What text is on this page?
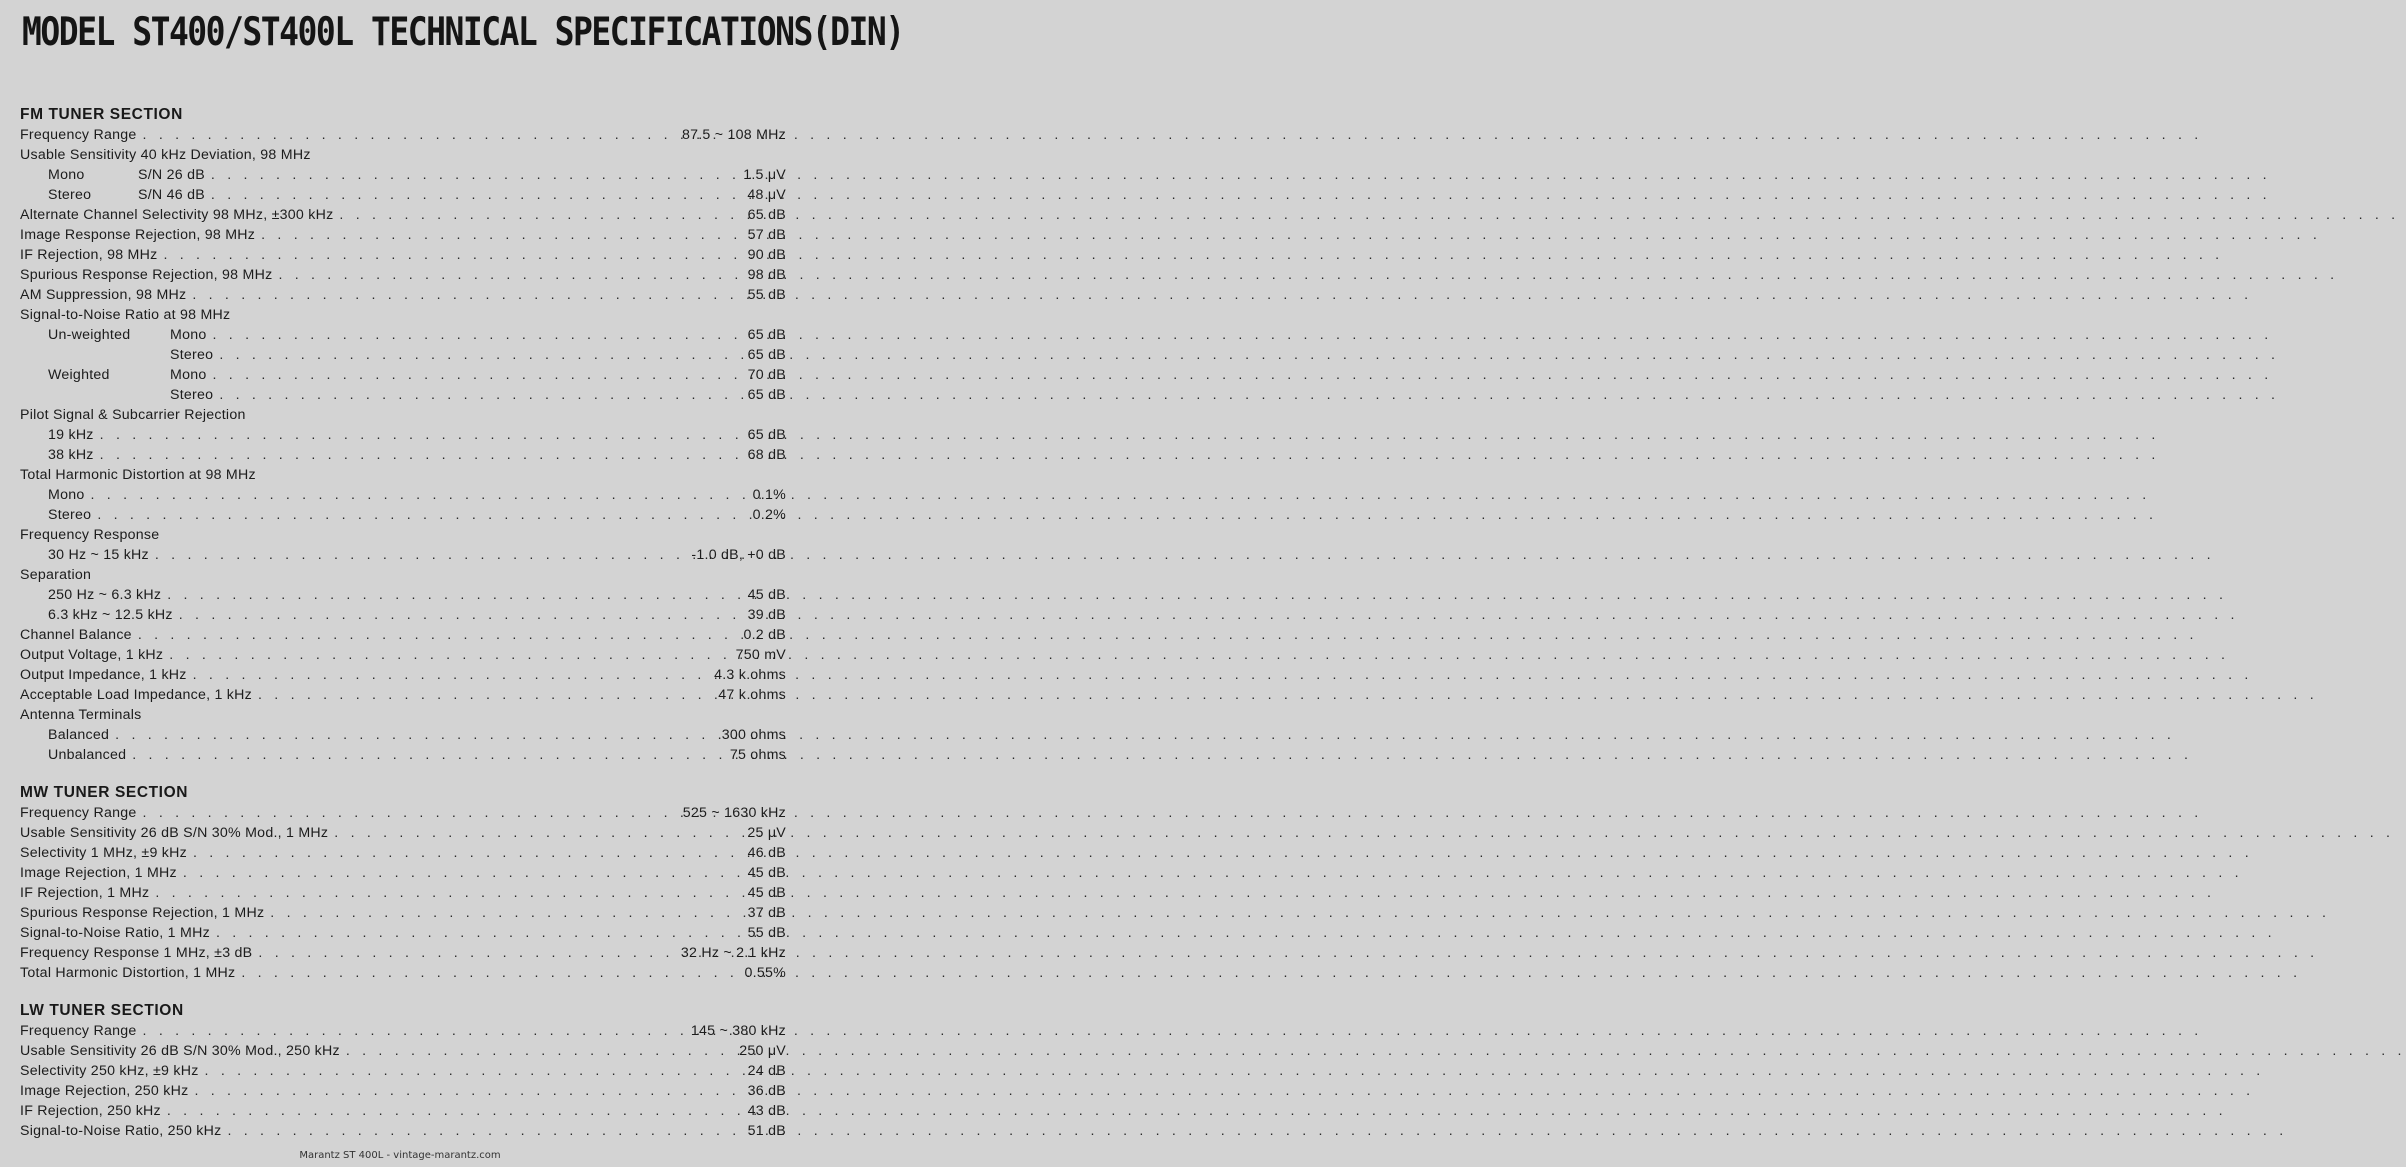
MODEL ST400/ST400L TECHNICAL SPECIFICATIONS(DIN)
FM TUNER SECTION
Frequency Range . . .	87.5 ~ 108 MHz
Usable Sensitivity 40 kHz Deviation, 98 MHz
Mono	S/N 26 dB . . .	1.5 μV
Stereo	S/N 46 dB . . .	48 μV
Alternate Channel Selectivity 98 MHz, ±300 kHz . . .	65 dB
Image Response Rejection, 98 MHz . . .	57 dB
IF Rejection, 98 MHz . . .	90 dB
Spurious Response Rejection, 98 MHz . . .	98 dB
AM Suppression, 98 MHz . . .	55 dB
Signal-to-Noise Ratio at 98 MHz
Un-weighted	Mono . . .	65 dB
Stereo . . .	65 dB
Weighted	Mono . . .	70 dB
Stereo . . .	65 dB
Pilot Signal & Subcarrier Rejection
19 kHz . . .	65 dB
38 kHz . . .	68 dB
Total Harmonic Distortion at 98 MHz
Mono . . .	0.1%
Stereo . . .	0.2%
Frequency Response
30 Hz ~ 15 kHz . . .	-1.0 dB, +0 dB
Separation
250 Hz ~ 6.3 kHz . . .	45 dB
6.3 kHz ~ 12.5 kHz . . .	39 dB
Channel Balance . . .	0.2 dB
Output Voltage, 1 kHz . . .	750 mV
Output Impedance, 1 kHz . . .	4.3 k ohms
Acceptable Load Impedance, 1 kHz . . .	47 k ohms
Antenna Terminals
Balanced . . .	300 ohms
Unbalanced . . .	75 ohms
MW TUNER SECTION
Frequency Range . . .	525 ~ 1630 kHz
Usable Sensitivity 26 dB S/N 30% Mod., 1 MHz . . .	25 μV
Selectivity 1 MHz, ±9 kHz . . .	46 dB
Image Rejection, 1 MHz . . .	45 dB
IF Rejection, 1 MHz . . .	45 dB
Spurious Response Rejection, 1 MHz . . .	37 dB
Signal-to-Noise Ratio, 1 MHz . . .	55 dB
Frequency Response 1 MHz, ±3 dB . . .	32 Hz ~ 2.1 kHz
Total Harmonic Distortion, 1 MHz . . .	0.55%
LW TUNER SECTION
Frequency Range . . .	145 ~ 380 kHz
Usable Sensitivity 26 dB S/N 30% Mod., 250 kHz . . .	250 μV
Selectivity 250 kHz, ±9 kHz . . .	24 dB
Image Rejection, 250 kHz . . .	36 dB
IF Rejection, 250 kHz . . .	43 dB
Signal-to-Noise Ratio, 250 kHz . . .	51 dB
Marantz ST 400L - vintage-marantz.com
